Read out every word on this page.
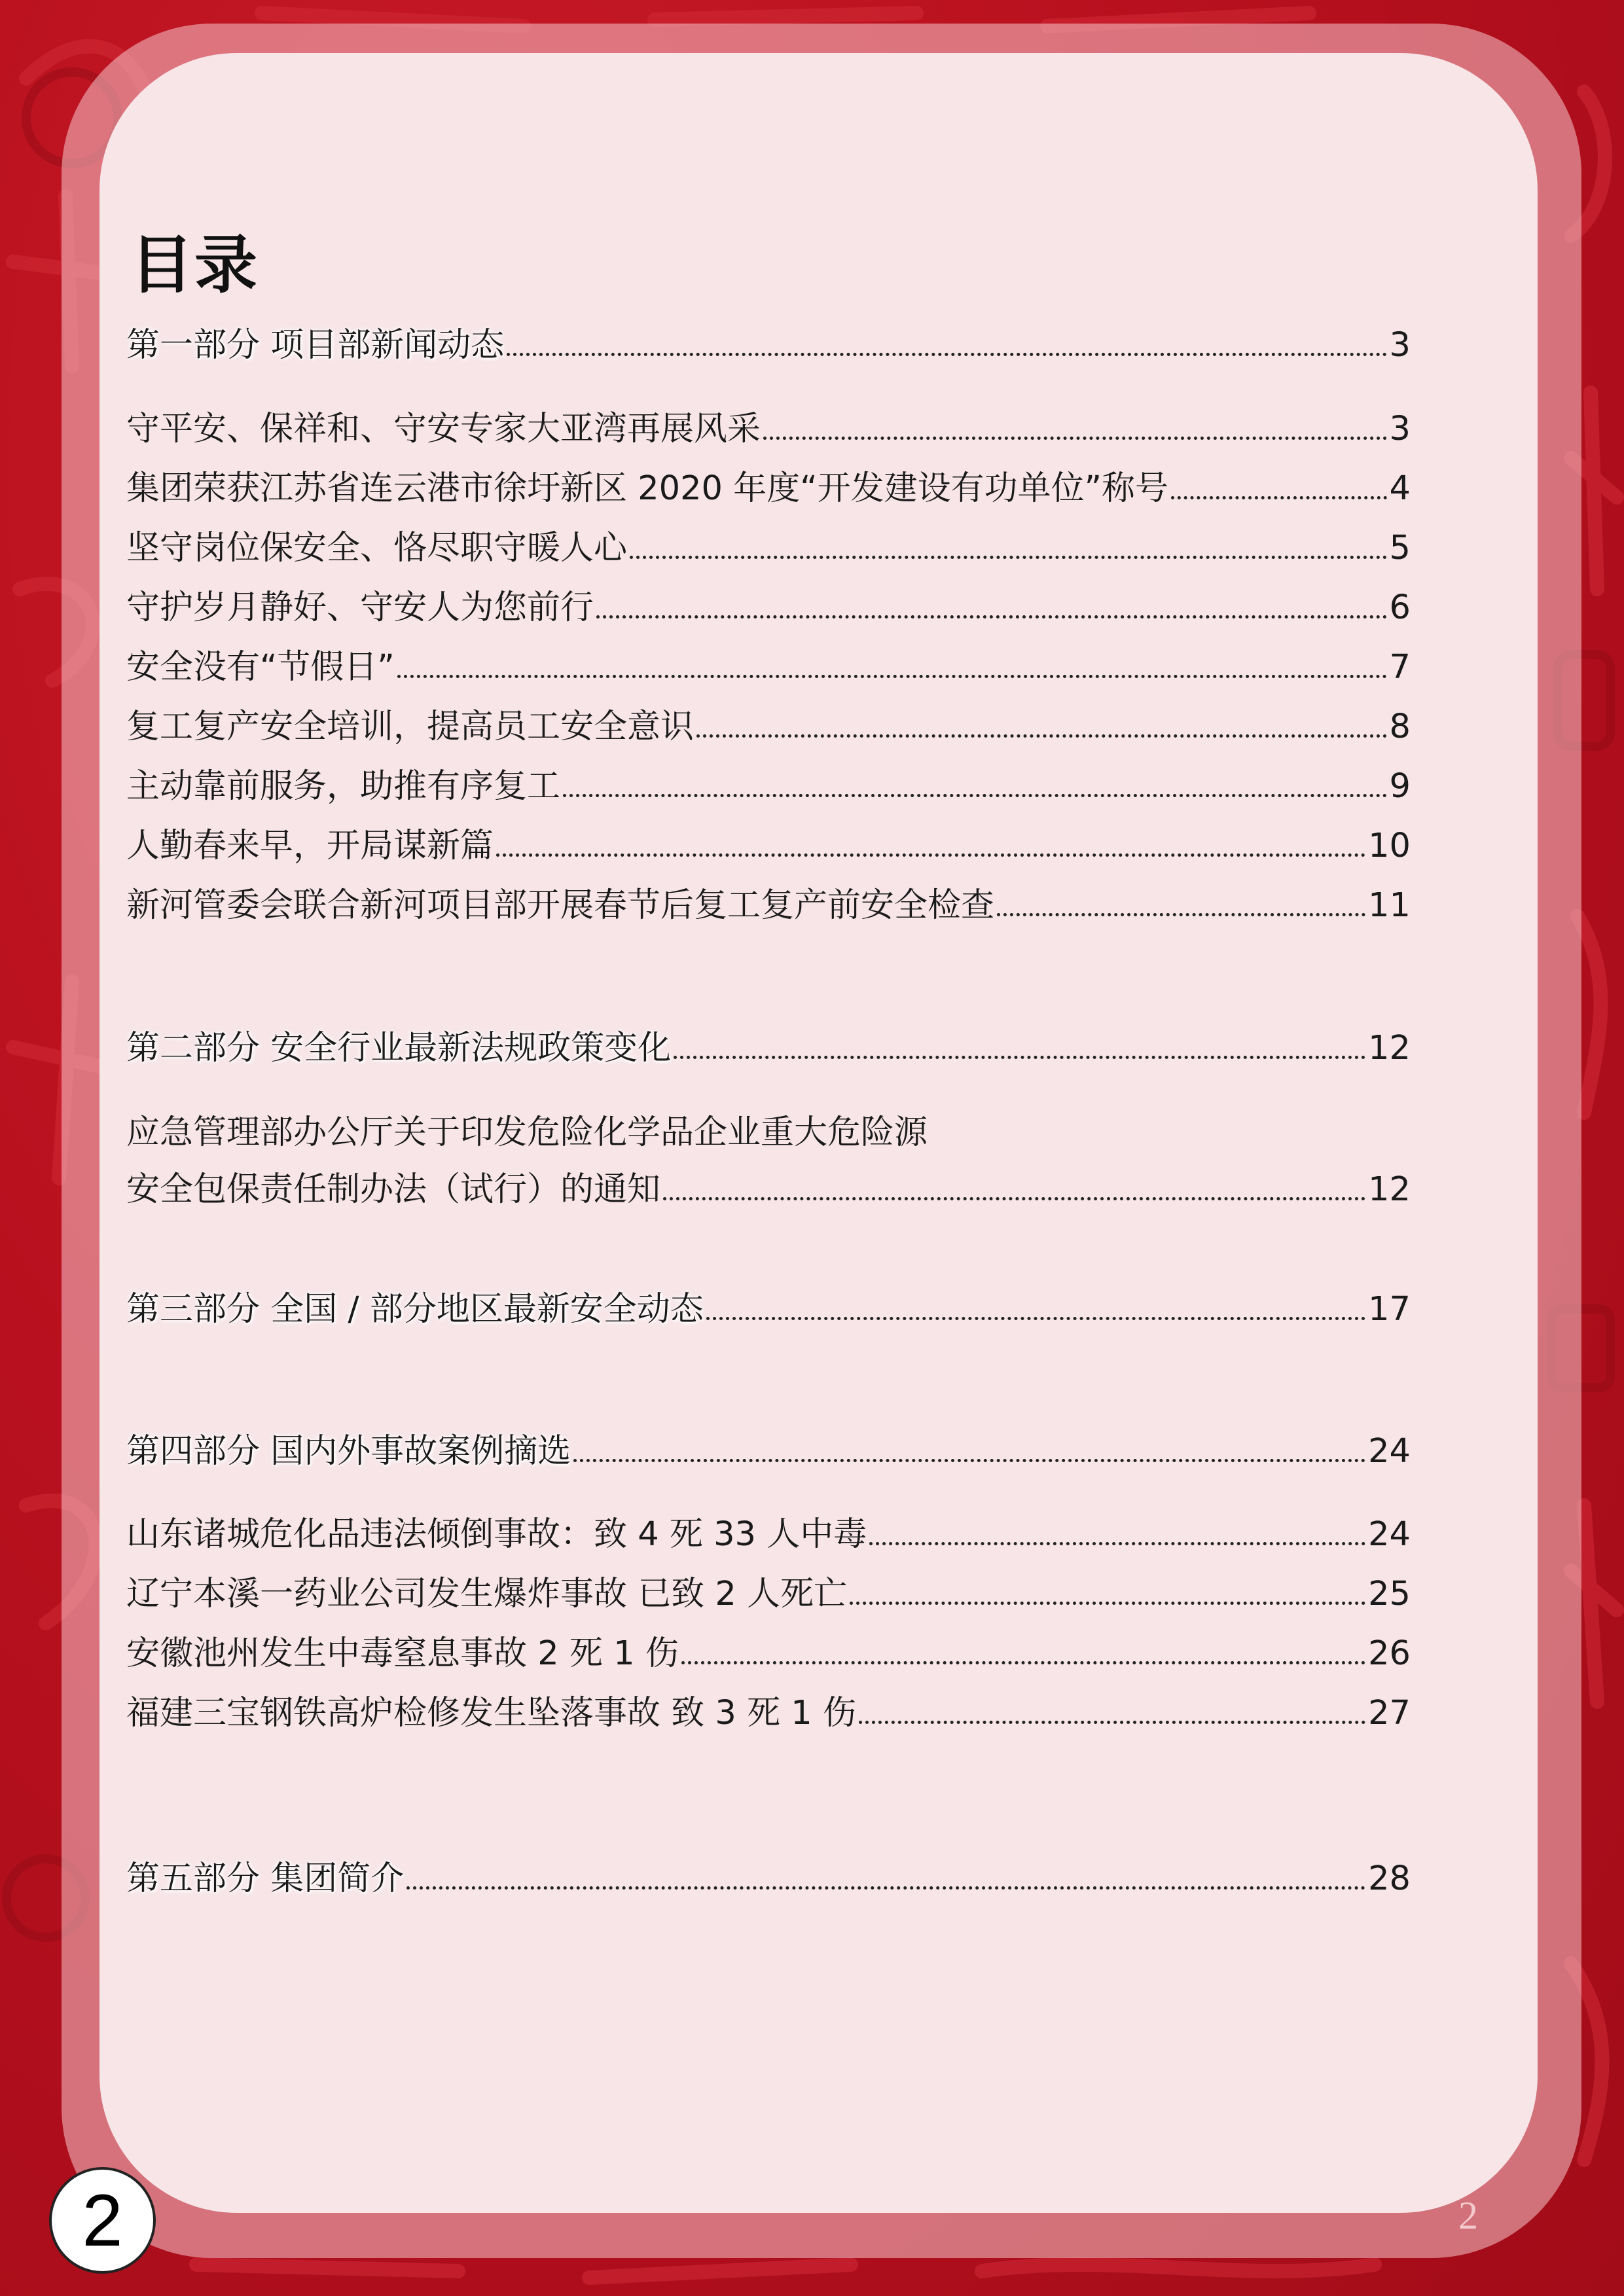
目录
第一部分 项目部新闻动态	3
守平安、保祥和、守安专家大亚湾再展风采	3
集团荣获江苏省连云港市徐圩新区 2020 年度“开发建设有功单位”称号	4
坚守岗位保安全、恪尽职守暖人心	5
守护岁月静好、守安人为您前行	6
安全没有“节假日”	7
复工复产安全培训，提高员工安全意识	8
主动靠前服务，助推有序复工	9
人勤春来早，开局谋新篇	10
新河管委会联合新河项目部开展春节后复工复产前安全检查	11
第二部分 安全行业最新法规政策变化	12
应急管理部办公厅关于印发危险化学品企业重大危险源
安全包保责任制办法（试行）的通知	12
第三部分 全国 / 部分地区最新安全动态	17
第四部分 国内外事故案例摘选	24
山东诸城危化品违法倾倒事故：致 4 死 33 人中毒	24
辽宁本溪一药业公司发生爆炸事故 已致 2 人死亡	25
安徽池州发生中毒窒息事故 2 死 1 伤	26
福建三宝钢铁高炉检修发生坠落事故 致 3 死 1 伤	27
第五部分 集团简介	28
2	2
